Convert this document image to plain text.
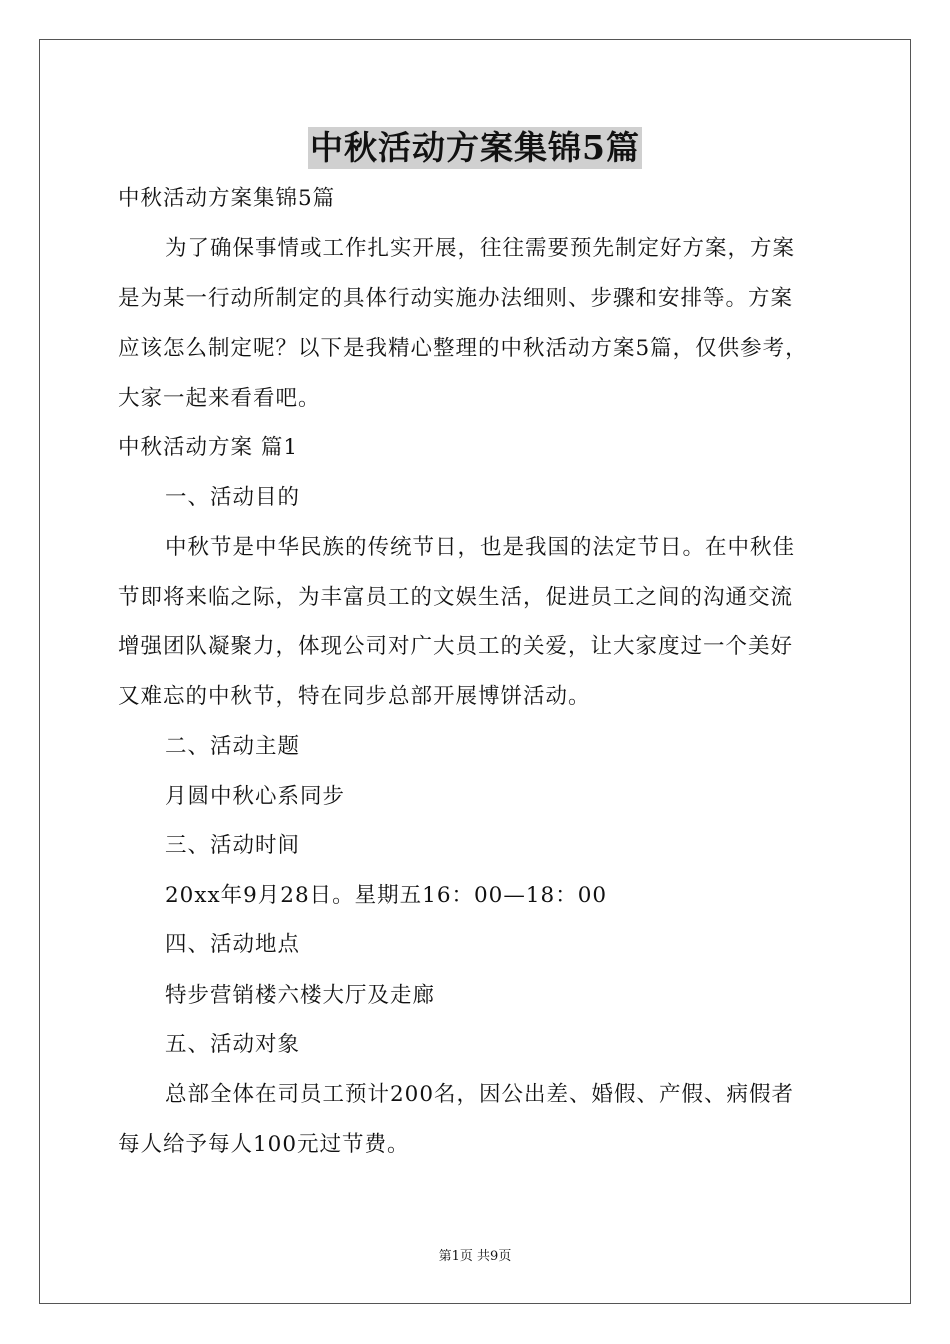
中秋活动方案集锦5篇
中秋活动方案集锦5篇
为了确保事情或工作扎实开展，往往需要预先制定好方案，方案
是为某一行动所制定的具体行动实施办法细则、步骤和安排等。方案
应该怎么制定呢？以下是我精心整理的中秋活动方案5篇，仅供参考，
大家一起来看看吧。
中秋活动方案 篇1
一、活动目的
中秋节是中华民族的传统节日，也是我国的法定节日。在中秋佳
节即将来临之际，为丰富员工的文娱生活，促进员工之间的沟通交流
增强团队凝聚力，体现公司对广大员工的关爱，让大家度过一个美好
又难忘的中秋节，特在同步总部开展博饼活动。
二、活动主题
月圆中秋心系同步
三、活动时间
20xx年9月28日。星期五16：00—18：00
四、活动地点
特步营销楼六楼大厅及走廊
五、活动对象
总部全体在司员工预计200名，因公出差、婚假、产假、病假者
每人给予每人100元过节费。
第1页 共9页
